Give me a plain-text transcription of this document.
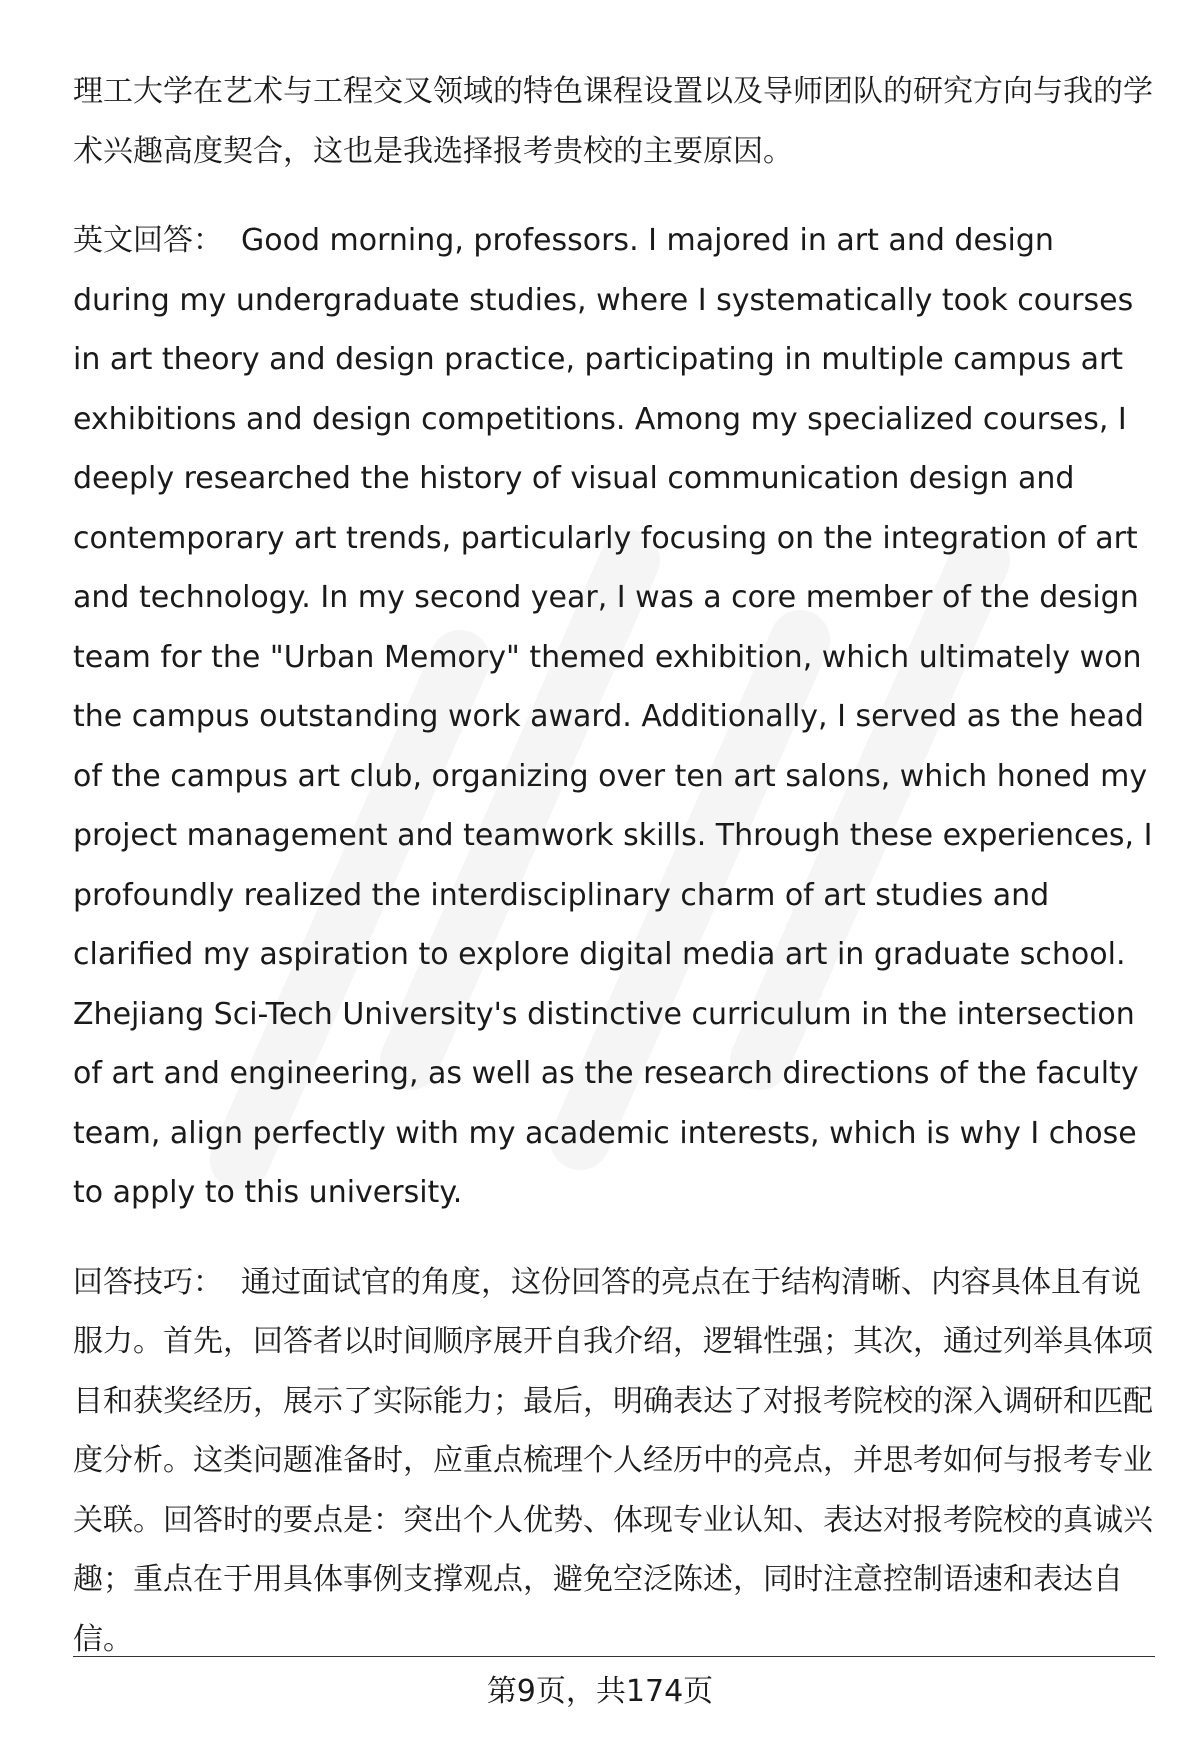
理工大学在艺术与工程交叉领域的特色课程设置以及导师团队的研究方向与我的学术兴趣高度契合，这也是我选择报考贵校的主要原因。

英文回答： Good morning, professors. I majored in art and design during my undergraduate studies, where I systematically took courses in art theory and design practice, participating in multiple campus art exhibitions and design competitions. Among my specialized courses, I deeply researched the history of visual communication design and contemporary art trends, particularly focusing on the integration of art and technology. In my second year, I was a core member of the design team for the "Urban Memory" themed exhibition, which ultimately won the campus outstanding work award. Additionally, I served as the head of the campus art club, organizing over ten art salons, which honed my project management and teamwork skills. Through these experiences, I profoundly realized the interdisciplinary charm of art studies and clarified my aspiration to explore digital media art in graduate school. Zhejiang Sci-Tech University's distinctive curriculum in the intersection of art and engineering, as well as the research directions of the faculty team, align perfectly with my academic interests, which is why I chose to apply to this university.

回答技巧： 通过面试官的角度，这份回答的亮点在于结构清晰、内容具体且有说服力。首先，回答者以时间顺序展开自我介绍，逻辑性强；其次，通过列举具体项目和获奖经历，展示了实际能力；最后，明确表达了对报考院校的深入调研和匹配度分析。这类问题准备时，应重点梳理个人经历中的亮点，并思考如何与报考专业关联。回答时的要点是：突出个人优势、体现专业认知、表达对报考院校的真诚兴趣；重点在于用具体事例支撑观点，避免空泛陈述，同时注意控制语速和表达自信。

第9页，共174页
